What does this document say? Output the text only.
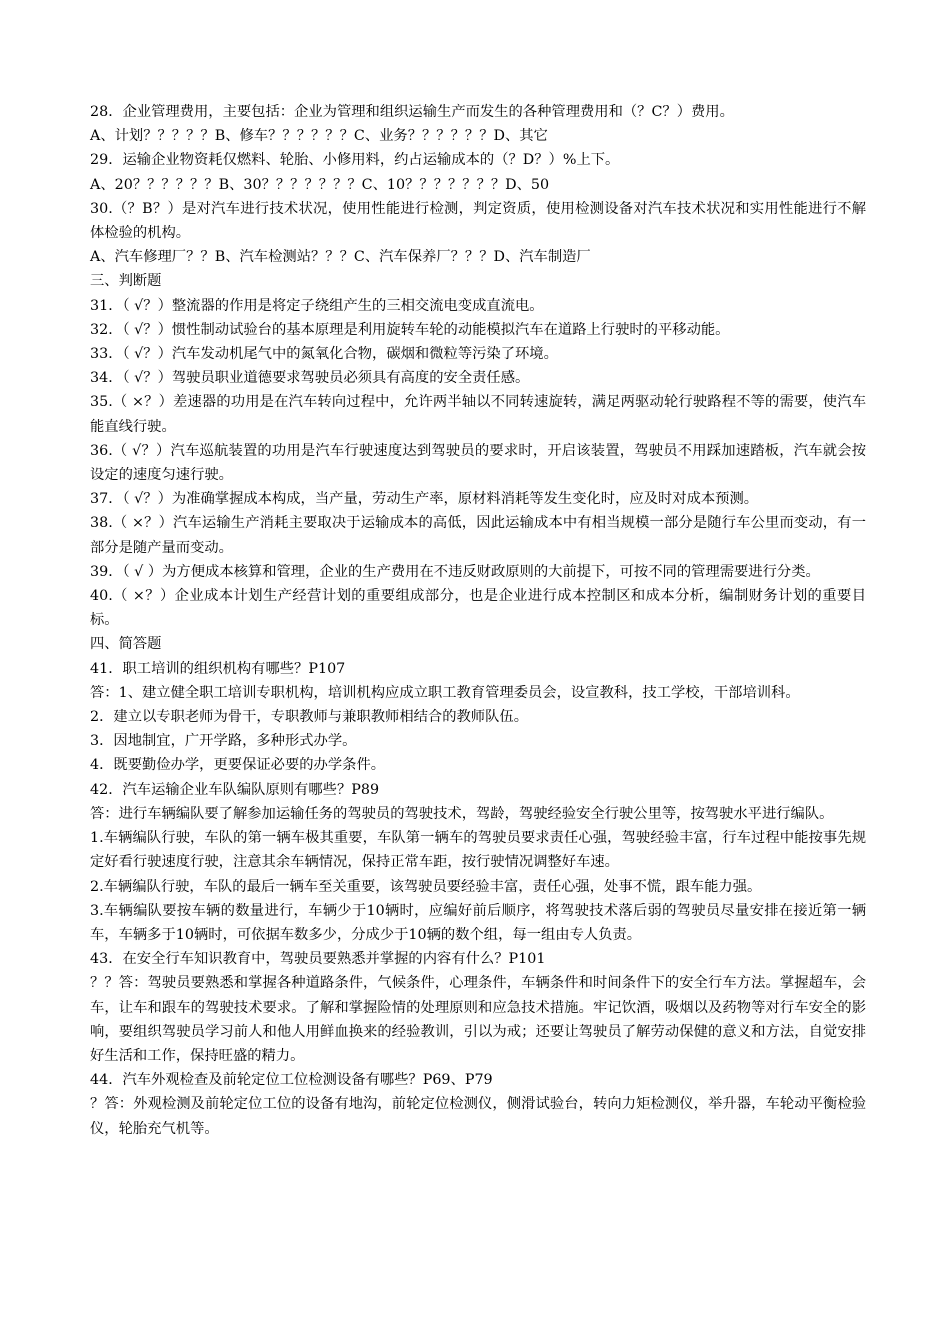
28．企业管理费用，主要包括：企业为管理和组织运输生产而发生的各种管理费用和（？C？）费用。

A、计划？？？？？B、修车？？？？？？C、业务？？？？？？D、其它

29．运输企业物资耗仅燃料、轮胎、小修用料，约占运输成本的（？D？）%上下。

A、20？？？？？？B、30？？？？？？？C、10？？？？？？？D、50

30.（？B？）是对汽车进行技术状况，使用性能进行检测，判定资质，使用检测设备对汽车技术状况和实用性能进行不解体检验的机构。

A、汽车修理厂？？B、汽车检测站？？？C、汽车保养厂？？？D、汽车制造厂

三、判断题

31．（ √？）整流器的作用是将定子绕组产生的三相交流电变成直流电。

32．（ √？）惯性制动试验台的基本原理是利用旋转车轮的动能模拟汽车在道路上行驶时的平移动能。

33．（ √？）汽车发动机尾气中的氮氧化合物，碳烟和微粒等污染了环境。

34．（ √？）驾驶员职业道德要求驾驶员必须具有高度的安全责任感。

35.（ ×？）差速器的功用是在汽车转向过程中，允许两半轴以不同转速旋转，满足两驱动轮行驶路程不等的需要，使汽车能直线行驶。

36.（ √？）汽车巡航装置的功用是汽车行驶速度达到驾驶员的要求时，开启该装置，驾驶员不用踩加速踏板，汽车就会按设定的速度匀速行驶。

37．（ √？）为准确掌握成本构成，当产量，劳动生产率，原材料消耗等发生变化时，应及时对成本预测。

38.（ ×？）汽车运输生产消耗主要取决于运输成本的高低，因此运输成本中有相当规模一部分是随行车公里而变动，有一部分是随产量而变动。

39．（ √ ）为方便成本核算和管理，企业的生产费用在不违反财政原则的大前提下，可按不同的管理需要进行分类。

40.（ ×？）企业成本计划生产经营计划的重要组成部分，也是企业进行成本控制区和成本分析，编制财务计划的重要目标。

四、简答题

41．职工培训的组织机构有哪些？P107

答：1、建立健全职工培训专职机构，培训机构应成立职工教育管理委员会，设宣教科，技工学校，干部培训科。

2．建立以专职老师为骨干，专职教师与兼职教师相结合的教师队伍。

3．因地制宜，广开学路，多种形式办学。

4．既要勤俭办学，更要保证必要的办学条件。

42．汽车运输企业车队编队原则有哪些？P89

答：进行车辆编队要了解参加运输任务的驾驶员的驾驶技术，驾龄，驾驶经验安全行驶公里等，按驾驶水平进行编队。

1.车辆编队行驶，车队的第一辆车极其重要，车队第一辆车的驾驶员要求责任心强，驾驶经验丰富，行车过程中能按事先规定好看行驶速度行驶，注意其余车辆情况，保持正常车距，按行驶情况调整好车速。

2.车辆编队行驶，车队的最后一辆车至关重要，该驾驶员要经验丰富，责任心强，处事不慌，跟车能力强。

3.车辆编队要按车辆的数量进行，车辆少于10辆时，应编好前后顺序，将驾驶技术落后弱的驾驶员尽量安排在接近第一辆车，车辆多于10辆时，可依据车数多少，分成少于10辆的数个组，每一组由专人负责。

43．在安全行车知识教育中，驾驶员要熟悉并掌握的内容有什么？P101

？？答：驾驶员要熟悉和掌握各种道路条件，气候条件，心理条件，车辆条件和时间条件下的安全行车方法。掌握超车，会车，让车和跟车的驾驶技术要求。了解和掌握险情的处理原则和应急技术措施。牢记饮酒，吸烟以及药物等对行车安全的影响，要组织驾驶员学习前人和他人用鲜血换来的经验教训，引以为戒；还要让驾驶员了解劳动保健的意义和方法，自觉安排好生活和工作，保持旺盛的精力。

44．汽车外观检查及前轮定位工位检测设备有哪些？P69、P79

？答：外观检测及前轮定位工位的设备有地沟，前轮定位检测仪，侧滑试验台，转向力矩检测仪，举升器，车轮动平衡检验仪，轮胎充气机等。
